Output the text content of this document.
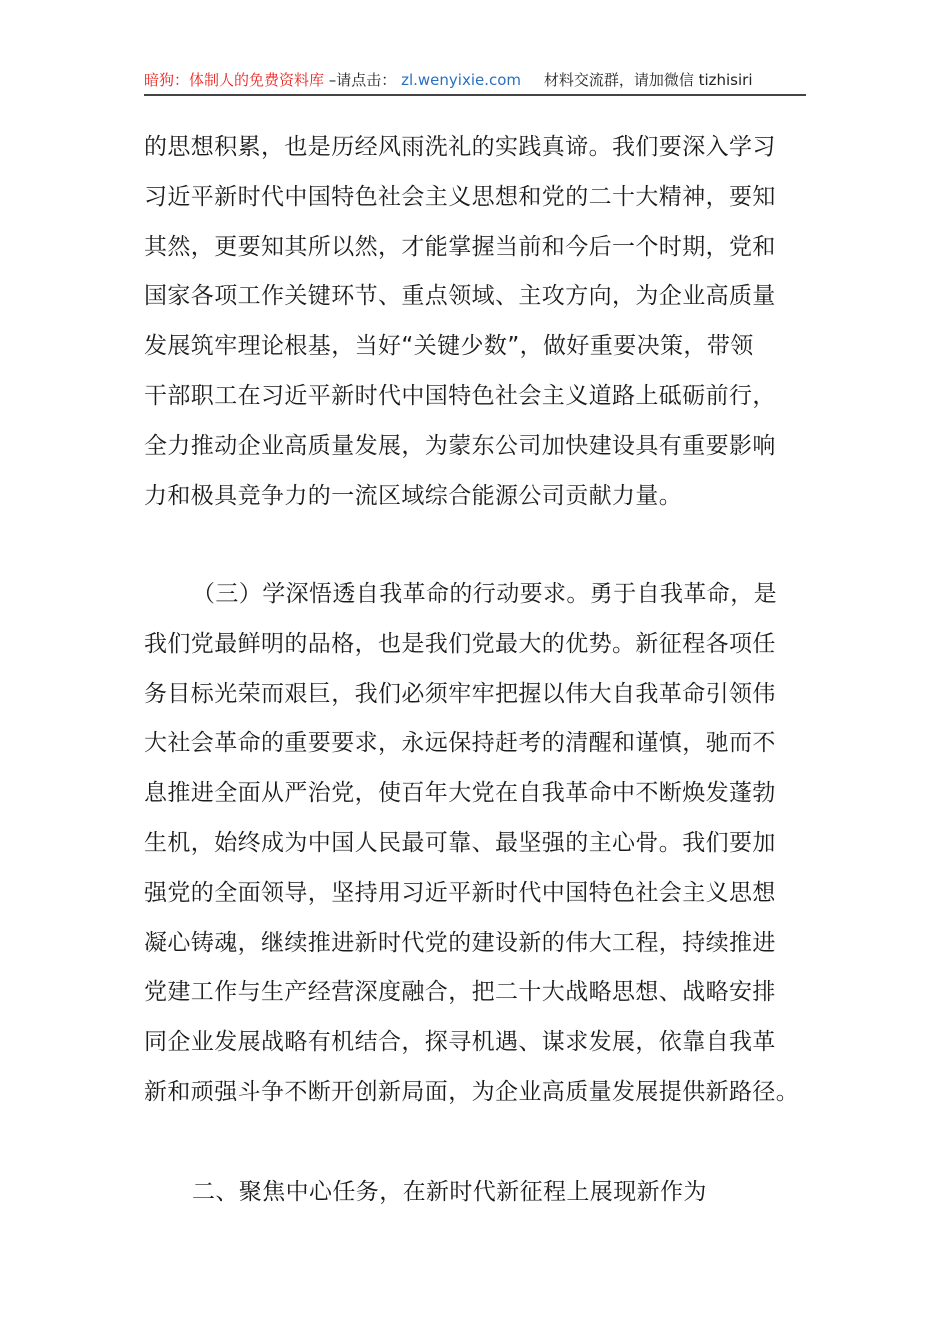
暗狗：体制人的免费资料库 –请点击： zl.wenyixie.com 材料交流群，请加微信 tizhisiri
的思想积累，也是历经风雨洗礼的实践真谛。我们要深入学习
习近平新时代中国特色社会主义思想和党的二十大精神，要知
其然，更要知其所以然，才能掌握当前和今后一个时期，党和
国家各项工作关键环节、重点领域、主攻方向，为企业高质量
发展筑牢理论根基，当好“关键少数”，做好重要决策，带领
干部职工在习近平新时代中国特色社会主义道路上砥砺前行，
全力推动企业高质量发展，为蒙东公司加快建设具有重要影响
力和极具竞争力的一流区域综合能源公司贡献力量。
（三）学深悟透自我革命的行动要求。勇于自我革命，是
我们党最鲜明的品格，也是我们党最大的优势。新征程各项任
务目标光荣而艰巨，我们必须牢牢把握以伟大自我革命引领伟
大社会革命的重要要求，永远保持赶考的清醒和谨慎，驰而不
息推进全面从严治党，使百年大党在自我革命中不断焕发蓬勃
生机，始终成为中国人民最可靠、最坚强的主心骨。我们要加
强党的全面领导，坚持用习近平新时代中国特色社会主义思想
凝心铸魂，继续推进新时代党的建设新的伟大工程，持续推进
党建工作与生产经营深度融合，把二十大战略思想、战略安排
同企业发展战略有机结合，探寻机遇、谋求发展，依靠自我革
新和顽强斗争不断开创新局面，为企业高质量发展提供新路径。
二、聚焦中心任务，在新时代新征程上展现新作为
